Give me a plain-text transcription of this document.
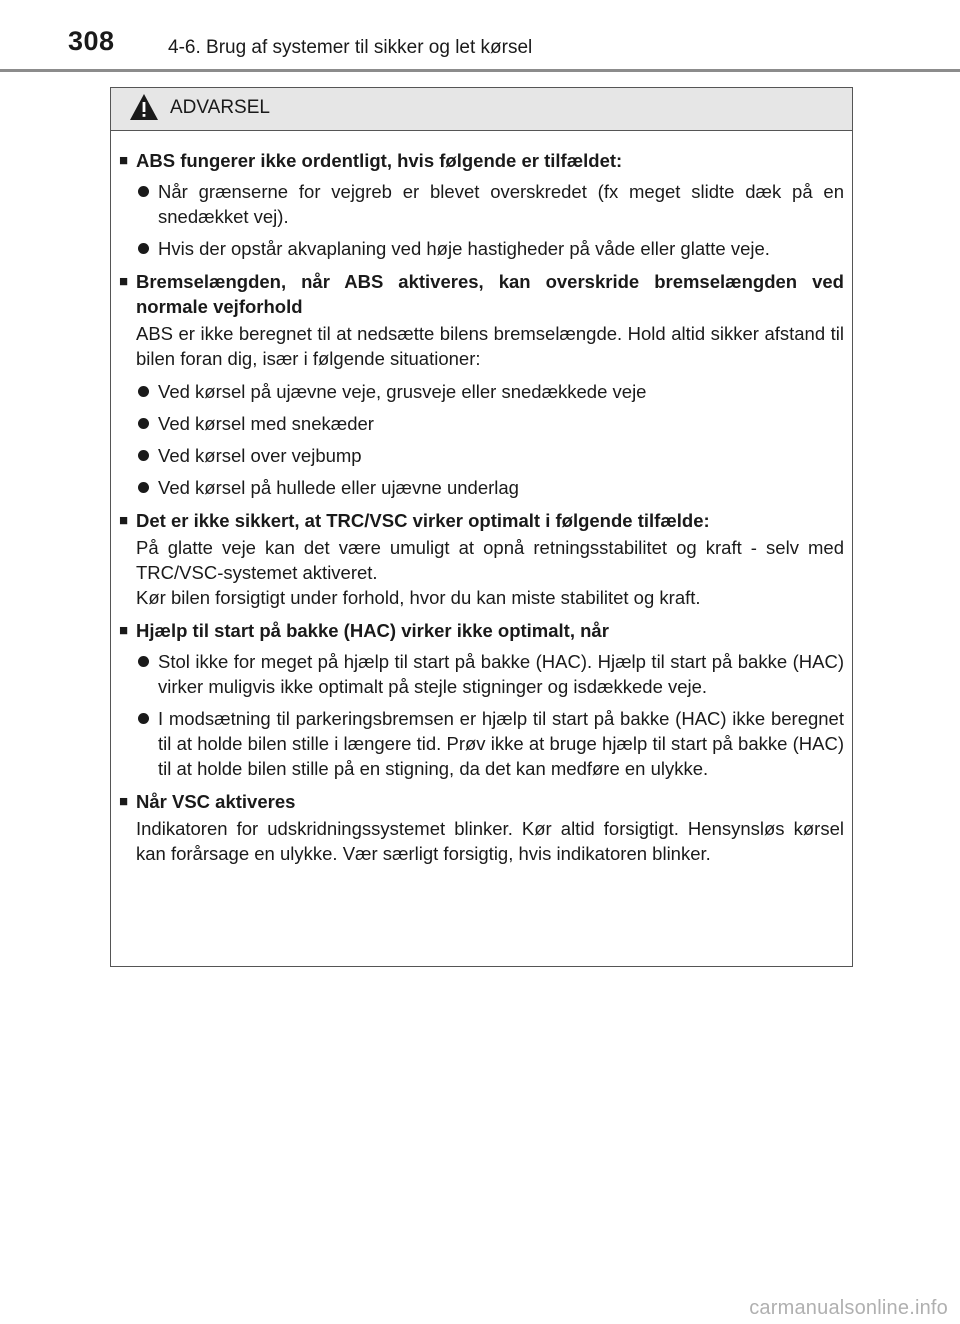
308	4-6. Brug af systemer til sikker og let kørsel
ADVARSEL
■ ABS fungerer ikke ordentligt, hvis følgende er tilfældet:
Når grænserne for vejgreb er blevet overskredet (fx meget slidte dæk på en snedækket vej).
Hvis der opstår akvaplaning ved høje hastigheder på våde eller glatte veje.
■ Bremselængden, når ABS aktiveres, kan overskride bremselængden ved normale vejforhold
ABS er ikke beregnet til at nedsætte bilens bremselængde. Hold altid sikker afstand til bilen foran dig, især i følgende situationer:
Ved kørsel på ujævne veje, grusveje eller snedækkede veje
Ved kørsel med snekæder
Ved kørsel over vejbump
Ved kørsel på hullede eller ujævne underlag
■ Det er ikke sikkert, at TRC/VSC virker optimalt i følgende tilfælde:
På glatte veje kan det være umuligt at opnå retningsstabilitet og kraft - selv med TRC/VSC-systemet aktiveret.
Kør bilen forsigtigt under forhold, hvor du kan miste stabilitet og kraft.
■ Hjælp til start på bakke (HAC) virker ikke optimalt, når
Stol ikke for meget på hjælp til start på bakke (HAC). Hjælp til start på bakke (HAC) virker muligvis ikke optimalt på stejle stigninger og isdækkede veje.
I modsætning til parkeringsbremsen er hjælp til start på bakke (HAC) ikke beregnet til at holde bilen stille i længere tid. Prøv ikke at bruge hjælp til start på bakke (HAC) til at holde bilen stille på en stigning, da det kan medføre en ulykke.
■ Når VSC aktiveres
Indikatoren for udskridningssystemet blinker. Kør altid forsigtigt. Hensynsløs kørsel kan forårsage en ulykke. Vær særligt forsigtig, hvis indikatoren blinker.
carmanualsonline.info
